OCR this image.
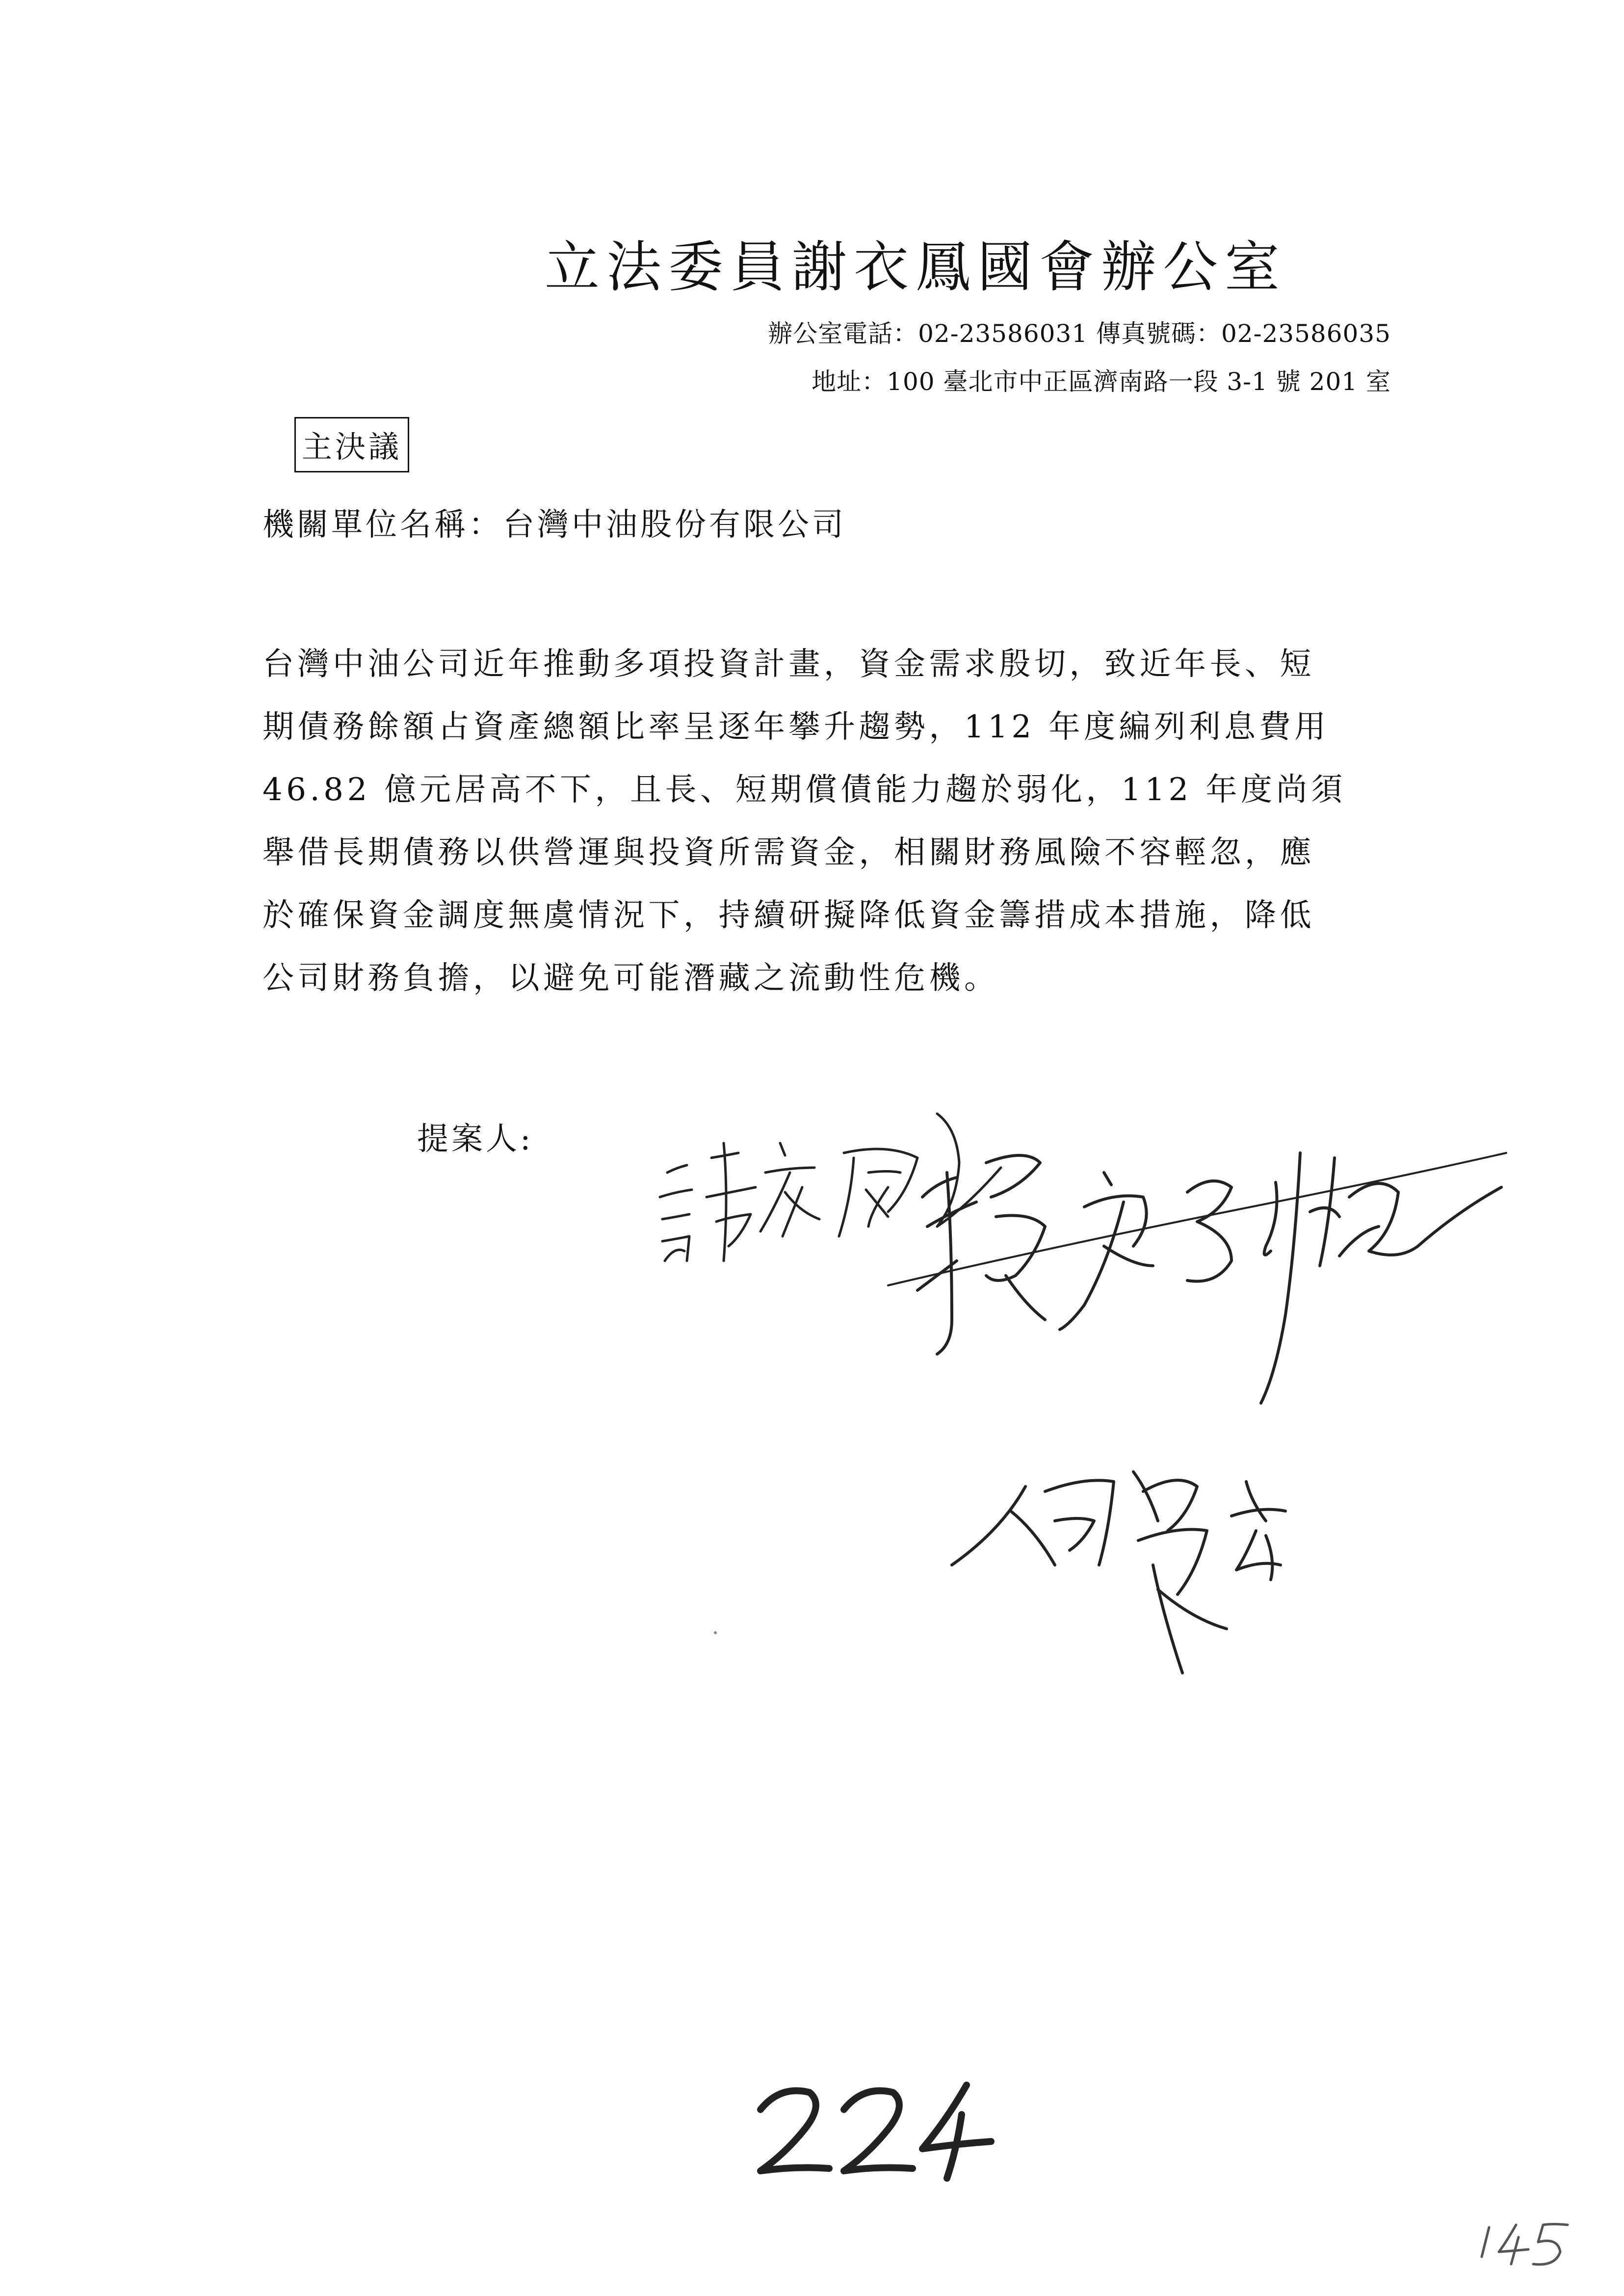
立法委員謝衣鳳國會辦公室
辦公室電話：02-23586031 傳真號碼：02-23586035
地址：100 臺北市中正區濟南路一段 3-1 號 201 室
主決議
機關單位名稱：台灣中油股份有限公司
台灣中油公司近年推動多項投資計畫，資金需求殷切，致近年長、短
期債務餘額占資產總額比率呈逐年攀升趨勢，112 年度編列利息費用
46.82 億元居高不下，且長、短期償債能力趨於弱化，112 年度尚須
舉借長期債務以供營運與投資所需資金，相關財務風險不容輕忽，應
於確保資金調度無虞情況下，持續研擬降低資金籌措成本措施，降低
公司財務負擔，以避免可能潛藏之流動性危機。
提案人:
